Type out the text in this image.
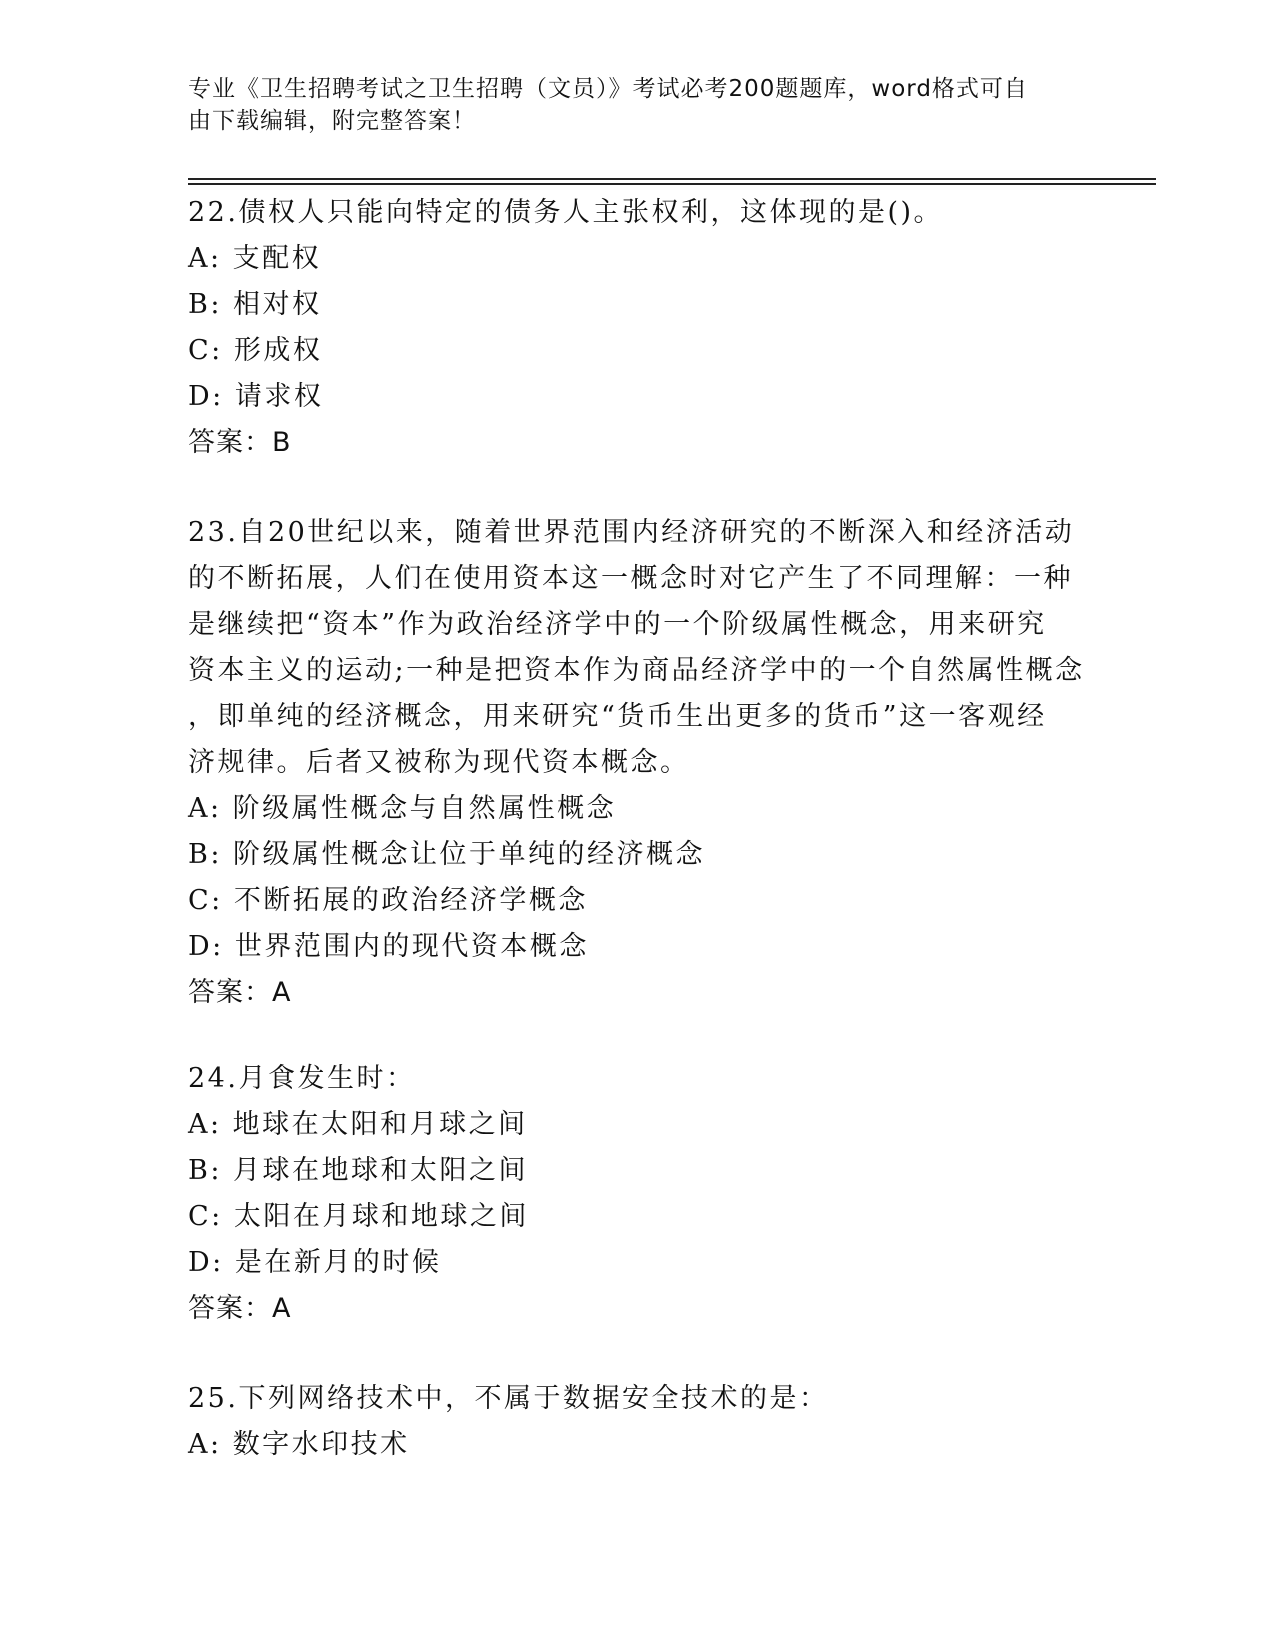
专业《卫生招聘考试之卫生招聘（文员）》考试必考200题题库，word格式可自
由下载编辑，附完整答案！
22.债权人只能向特定的债务人主张权利，这体现的是()。
A: 支配权
B: 相对权
C: 形成权
D: 请求权
答案：B
23.自20世纪以来，随着世界范围内经济研究的不断深入和经济活动
的不断拓展，人们在使用资本这一概念时对它产生了不同理解：一种
是继续把“资本”作为政治经济学中的一个阶级属性概念，用来研究
资本主义的运动;一种是把资本作为商品经济学中的一个自然属性概念
，即单纯的经济概念，用来研究“货币生出更多的货币”这一客观经
济规律。后者又被称为现代资本概念。
A: 阶级属性概念与自然属性概念
B: 阶级属性概念让位于单纯的经济概念
C: 不断拓展的政治经济学概念
D: 世界范围内的现代资本概念
答案：A
24.月食发生时：
A: 地球在太阳和月球之间
B: 月球在地球和太阳之间
C: 太阳在月球和地球之间
D: 是在新月的时候
答案：A
25.下列网络技术中，不属于数据安全技术的是：
A: 数字水印技术
